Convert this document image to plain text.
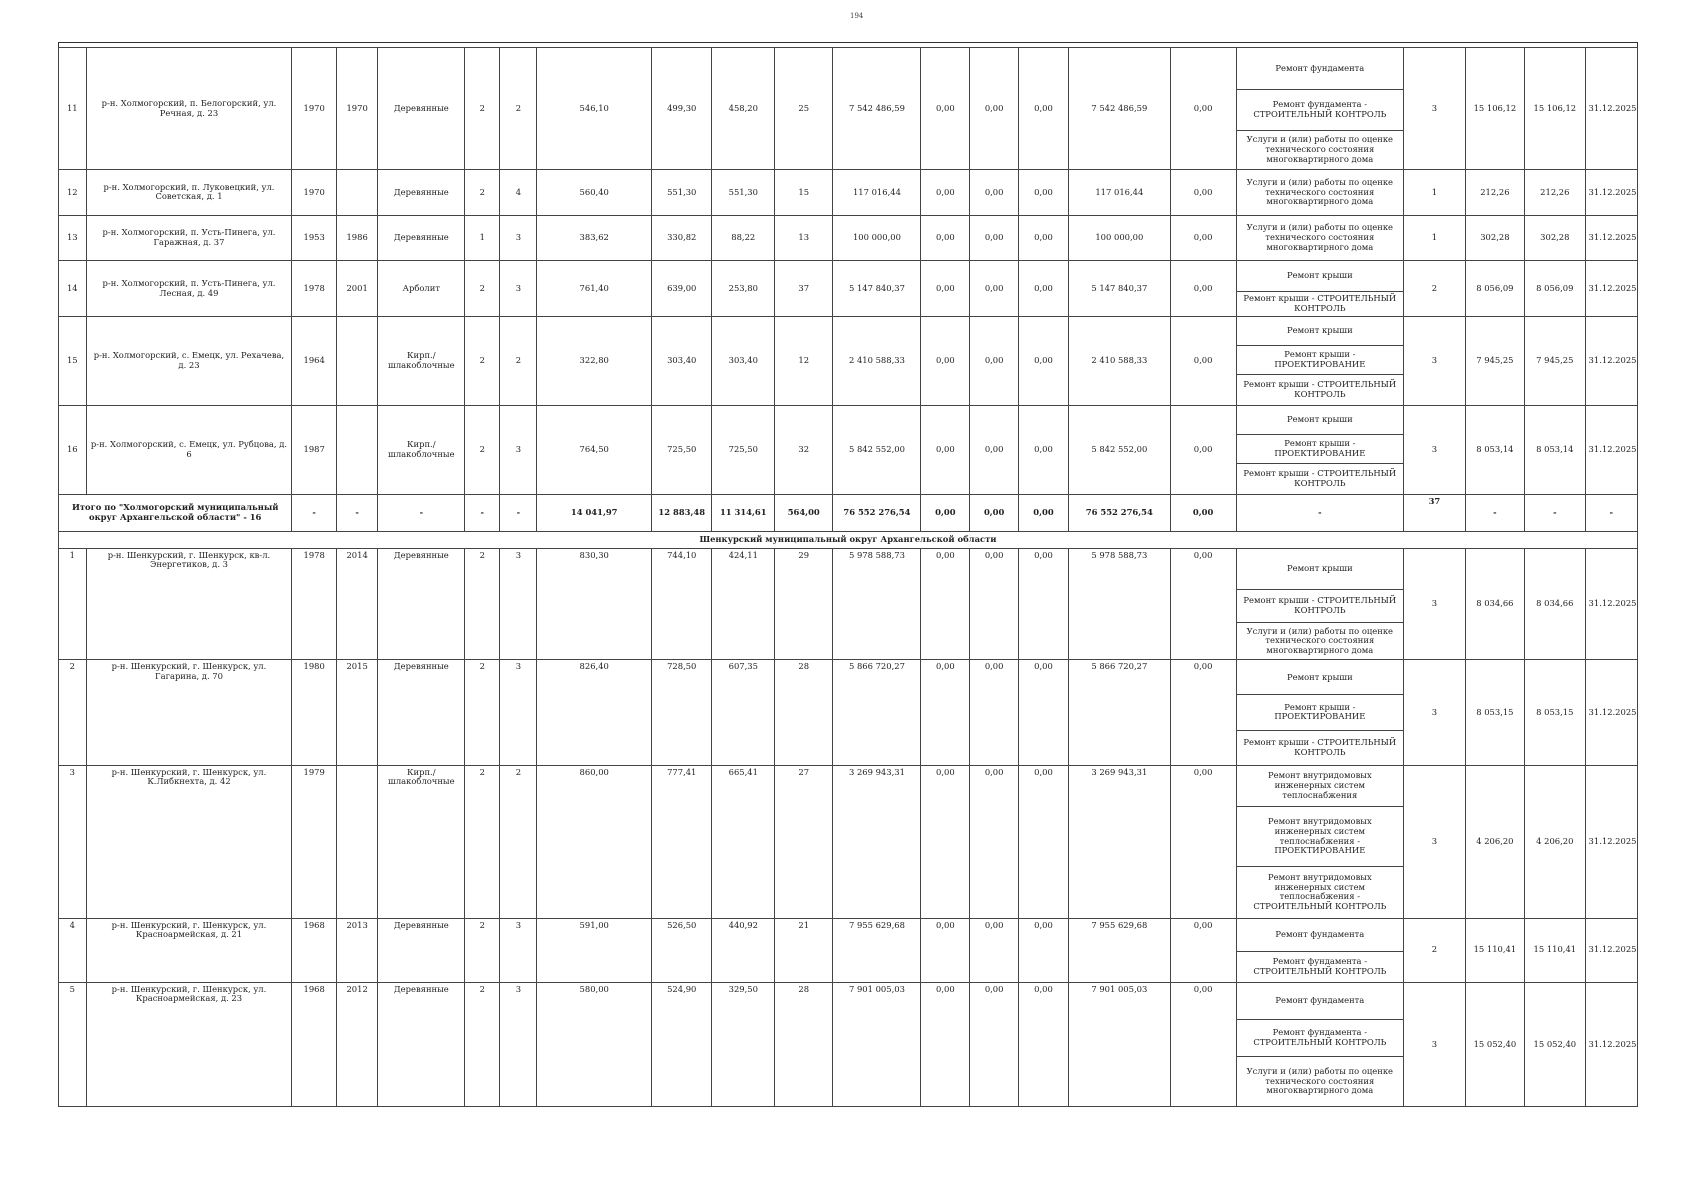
194

11	р-н. Холмогорский, п. Белогорский, ул. Речная, д. 23	1970	1970	Деревянные	2	2	546,10	499,30	458,20	25	7 542 486,59	0,00	0,00	0,00	7 542 486,59	0,00	Ремонт фундамента	3	15 106,12	15 106,12	31.12.2025
																	Ремонт фундамента - СТРОИТЕЛЬНЫЙ КОНТРОЛЬ				
																	Услуги и (или) работы по оценке технического состояния многоквартирного дома				
12	р-н. Холмогорский, п. Луковецкий, ул. Советская, д. 1	1970		Деревянные	2	4	560,40	551,30	551,30	15	117 016,44	0,00	0,00	0,00	117 016,44	0,00	Услуги и (или) работы по оценке технического состояния многоквартирного дома	1	212,26	212,26	31.12.2025
13	р-н. Холмогорский, п. Усть-Пинега, ул. Гаражная, д. 37	1953	1986	Деревянные	1	3	383,62	330,82	88,22	13	100 000,00	0,00	0,00	0,00	100 000,00	0,00	Услуги и (или) работы по оценке технического состояния многоквартирного дома	1	302,28	302,28	31.12.2025
14	р-н. Холмогорский, п. Усть-Пинега, ул. Лесная, д. 49	1978	2001	Арболит	2	3	761,40	639,00	253,80	37	5 147 840,37	0,00	0,00	0,00	5 147 840,37	0,00	Ремонт крыши	2	8 056,09	8 056,09	31.12.2025
																	Ремонт крыши - СТРОИТЕЛЬНЫЙ КОНТРОЛЬ				
15	р-н. Холмогорский, с. Емецк, ул. Рехачева, д. 23	1964		Кирп./ шлакоблочные	2	2	322,80	303,40	303,40	12	2 410 588,33	0,00	0,00	0,00	2 410 588,33	0,00	Ремонт крыши	3	7 945,25	7 945,25	31.12.2025
																	Ремонт крыши - ПРОЕКТИРОВАНИЕ				
																	Ремонт крыши - СТРОИТЕЛЬНЫЙ КОНТРОЛЬ				
16	р-н. Холмогорский, с. Емецк, ул. Рубцова, д. 6	1987		Кирп./ шлакоблочные	2	3	764,50	725,50	725,50	32	5 842 552,00	0,00	0,00	0,00	5 842 552,00	0,00	Ремонт крыши	3	8 053,14	8 053,14	31.12.2025
																	Ремонт крыши - ПРОЕКТИРОВАНИЕ				
																	Ремонт крыши - СТРОИТЕЛЬНЫЙ КОНТРОЛЬ				
Итого по "Холмогорский муниципальный округ Архангельской области" - 16		-	-	-	-	-	14 041,97	12 883,48	11 314,61	564,00	76 552 276,54	0,00	0,00	0,00	76 552 276,54	0,00	-	37	-	-	-
Шенкурский муниципальный округ Архангельской области																					
1	р-н. Шенкурский, г. Шенкурск, кв-л. Энергетиков, д. 3	1978	2014	Деревянные	2	3	830,30	744,10	424,11	29	5 978 588,73	0,00	0,00	0,00	5 978 588,73	0,00	Ремонт крыши	3	8 034,66	8 034,66	31.12.2025
																	Ремонт крыши - СТРОИТЕЛЬНЫЙ КОНТРОЛЬ				
																	Услуги и (или) работы по оценке технического состояния многоквартирного дома				
2	р-н. Шенкурский, г. Шенкурск, ул. Гагарина, д. 70	1980	2015	Деревянные	2	3	826,40	728,50	607,35	28	5 866 720,27	0,00	0,00	0,00	5 866 720,27	0,00	Ремонт крыши	3	8 053,15	8 053,15	31.12.2025
																	Ремонт крыши - ПРОЕКТИРОВАНИЕ				
																	Ремонт крыши - СТРОИТЕЛЬНЫЙ КОНТРОЛЬ				
3	р-н. Шенкурский, г. Шенкурск, ул. К.Либкнехта, д. 42	1979		Кирп./ шлакоблочные	2	2	860,00	777,41	665,41	27	3 269 943,31	0,00	0,00	0,00	3 269 943,31	0,00	Ремонт внутридомовых инженерных систем теплоснабжения	3	4 206,20	4 206,20	31.12.2025
																	Ремонт внутридомовых инженерных систем теплоснабжения - ПРОЕКТИРОВАНИЕ				
																	Ремонт внутридомовых инженерных систем теплоснабжения - СТРОИТЕЛЬНЫЙ КОНТРОЛЬ				
4	р-н. Шенкурский, г. Шенкурск, ул. Красноармейская, д. 21	1968	2013	Деревянные	2	3	591,00	526,50	440,92	21	7 955 629,68	0,00	0,00	0,00	7 955 629,68	0,00	Ремонт фундамента	2	15 110,41	15 110,41	31.12.2025
																	Ремонт фундамента - СТРОИТЕЛЬНЫЙ КОНТРОЛЬ				
5	р-н. Шенкурский, г. Шенкурск, ул. Красноармейская, д. 23	1968	2012	Деревянные	2	3	580,00	524,90	329,50	28	7 901 005,03	0,00	0,00	0,00	7 901 005,03	0,00	Ремонт фундамента	3	15 052,40	15 052,40	31.12.2025
																	Ремонт фундамента - СТРОИТЕЛЬНЫЙ КОНТРОЛЬ				
																	Услуги и (или) работы по оценке технического состояния многоквартирного дома				
